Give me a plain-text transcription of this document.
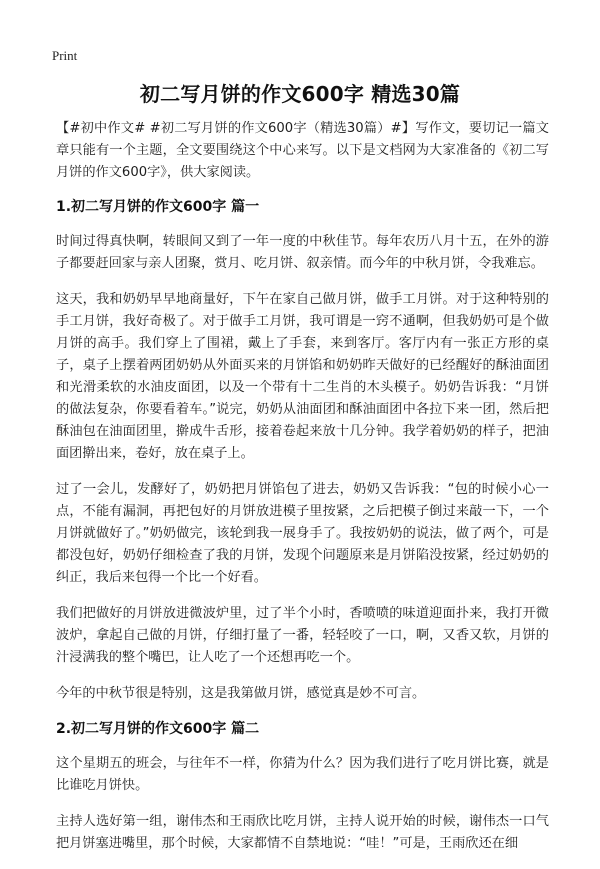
Print
初二写月饼的作文600字 精选30篇

【#初中作文# #初二写月饼的作文600字（精选30篇）#】写作文，要切记一篇文章只能有一个主题，全文要围绕这个中心来写。以下是文档网为大家准备的《初二写月饼的作文600字》，供大家阅读。

1.初二写月饼的作文600字 篇一

时间过得真快啊，转眼间又到了一年一度的中秋佳节。每年农历八月十五，在外的游子都要赶回家与亲人团聚，赏月、吃月饼、叙亲情。而今年的中秋月饼，令我难忘。

这天，我和奶奶早早地商量好，下午在家自己做月饼，做手工月饼。对于这种特别的手工月饼，我好奇极了。对于做手工月饼，我可谓是一窍不通啊，但我奶奶可是个做月饼的高手。我们穿上了围裙，戴上了手套，来到客厅。客厅内有一张正方形的桌子，桌子上摆着两团奶奶从外面买来的月饼馅和奶奶昨天做好的已经醒好的酥油面团和光滑柔软的水油皮面团，以及一个带有十二生肖的木头模子。奶奶告诉我：“月饼的做法复杂，你要看着车。”说完，奶奶从油面团和酥油面团中各拉下来一团，然后把酥油包在油面团里，擀成牛舌形，接着卷起来放十几分钟。我学着奶奶的样子，把油面团擀出来，卷好，放在桌子上。

过了一会儿，发酵好了，奶奶把月饼馅包了进去，奶奶又告诉我：“包的时候小心一点，不能有漏洞，再把包好的月饼放进模子里按紧，之后把模子倒过来敲一下，一个月饼就做好了。”奶奶做完，该轮到我一展身手了。我按奶奶的说法，做了两个，可是都没包好，奶奶仔细检查了我的月饼，发现个问题原来是月饼陷没按紧，经过奶奶的纠正，我后来包得一个比一个好看。

我们把做好的月饼放进微波炉里，过了半个小时，香喷喷的味道迎面扑来，我打开微波炉，拿起自己做的月饼，仔细打量了一番，轻轻咬了一口，啊，又香又软，月饼的汁浸满我的整个嘴巴，让人吃了一个还想再吃一个。

今年的中秋节很是特别，这是我第做月饼，感觉真是妙不可言。

2.初二写月饼的作文600字 篇二

这个星期五的班会，与往年不一样，你猜为什么？因为我们进行了吃月饼比赛，就是比谁吃月饼快。

主持人选好第一组，谢伟杰和王雨欣比吃月饼，主持人说开始的时候，谢伟杰一口气把月饼塞进嘴里，那个时候，大家都情不自禁地说：“哇！”可是，王雨欣还在细
